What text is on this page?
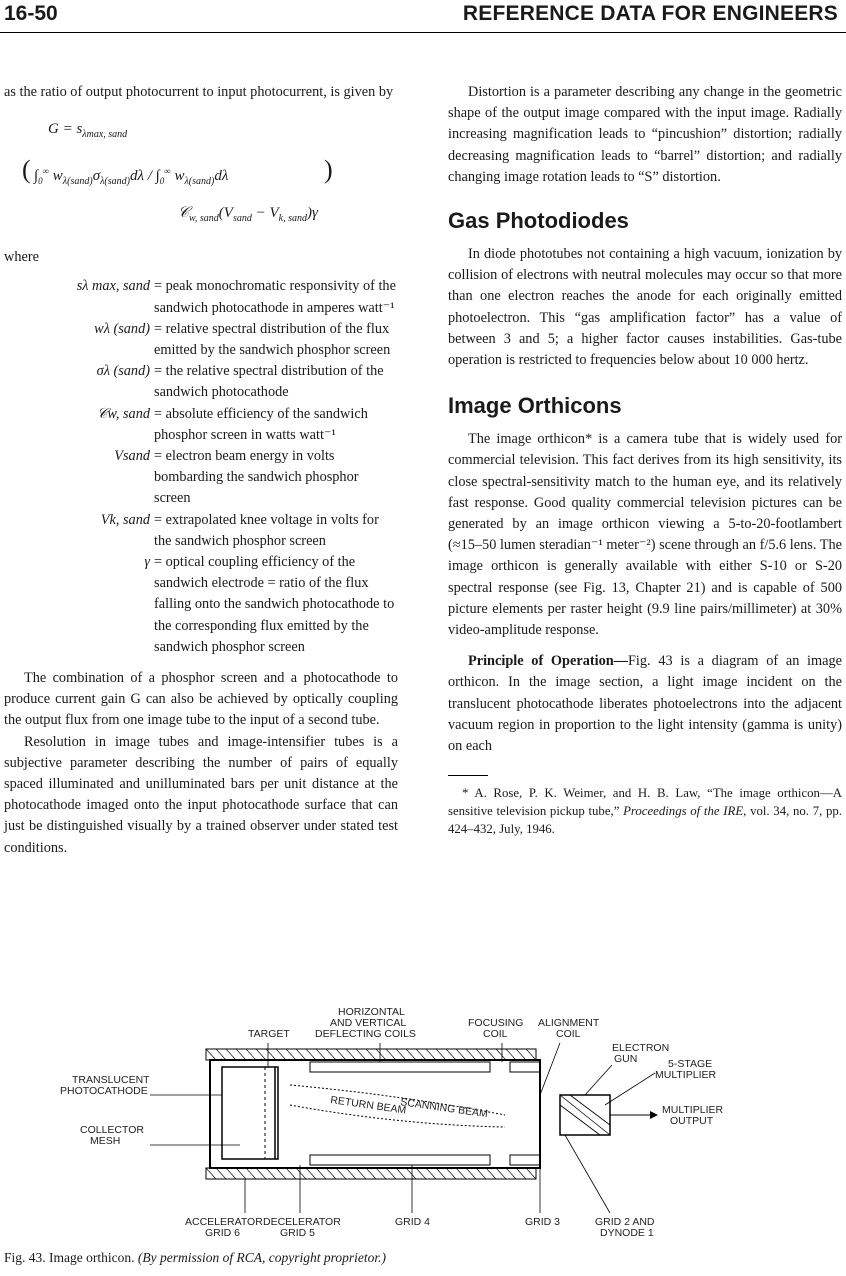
16-50	REFERENCE DATA FOR ENGINEERS

as the ratio of output photocurrent to input photocurrent, is given by

$G = s_{\lambda max, sand}$
( $\int_0^\infty$ $w_{\lambda(sand)}\sigma_{\lambda(sand)}d\lambda / \int_0^\infty$ $w_{\lambda(sand)}d\lambda$	)
$𝒞_{w, sand}(V_{sand} - V_{k, sand})\gamma$

where

sλ max, sand = peak monochromatic responsivity of the sandwich photocathode in amperes watt⁻¹
wλ (sand) = relative spectral distribution of the flux emitted by the sandwich phosphor screen
σλ (sand) = the relative spectral distribution of the sandwich photocathode
𝒞w, sand = absolute efficiency of the sandwich phosphor screen in watts watt⁻¹
Vsand = electron beam energy in volts bombarding the sandwich phosphor screen
Vk, sand = extrapolated knee voltage in volts for the sandwich phosphor screen
γ = optical coupling efficiency of the sandwich electrode = ratio of the flux falling onto the sandwich photocathode to the corresponding flux emitted by the sandwich phosphor screen

The combination of a phosphor screen and a photocathode to produce current gain G can also be achieved by optically coupling the output flux from one image tube to the input of a second tube.

Resolution in image tubes and image-intensifier tubes is a subjective parameter describing the number of pairs of equally spaced illuminated and unilluminated bars per unit distance at the photocathode imaged onto the input photocathode surface that can just be distinguished visually by a trained observer under stated test conditions.

Distortion is a parameter describing any change in the geometric shape of the output image compared with the input image. Radially increasing magnification leads to “pincushion” distortion; radially decreasing magnification leads to “barrel” distortion; and radially changing image rotation leads to “S” distortion.

Gas Photodiodes

In diode phototubes not containing a high vacuum, ionization by collision of electrons with neutral molecules may occur so that more than one electron reaches the anode for each originally emitted photoelectron. This “gas amplification factor” has a value of between 3 and 5; a higher factor causes instabilities. Gas-tube operation is restricted to frequencies below about 10 000 hertz.

Image Orthicons

The image orthicon* is a camera tube that is widely used for commercial television. This fact derives from its high sensitivity, its close spectral-sensitivity match to the human eye, and its relatively fast response. Good quality commercial television pictures can be generated by an image orthicon viewing a 5-to-20-footlambert (≈15–50 lumen steradian⁻¹ meter⁻²) scene through an f/5.6 lens. The image orthicon is generally available with either S-10 or S-20 spectral response (see Fig. 13, Chapter 21) and is capable of 500 picture elements per raster height (9.9 line pairs/millimeter) at 30% video-amplitude response.

Principle of Operation—Fig. 43 is a diagram of an image orthicon. In the image section, a light image incident on the translucent photocathode liberates photoelectrons into the adjacent vacuum region in proportion to the light intensity (gamma is unity) on each

* A. Rose, P. K. Weimer, and H. B. Law, “The image orthicon—A sensitive television pickup tube,” Proceedings of the IRE, vol. 34, no. 7, pp. 424–432, July, 1946.

HORIZONTAL
AND VERTICAL
DEFLECTING COILS
TARGET
FOCUSING
COIL
ALIGNMENT
COIL
ELECTRON
GUN	5-STAGE
MULTIPLIER
TRANSLUCENT
PHOTOCATHODE
COLLECTOR
MESH
SCANNING BEAM
RETURN BEAM	MULTIPLIER
OUTPUT
ACCELERATOR
GRID 6
DECELERATOR
GRID 5
GRID 4	GRID 3	GRID 2 AND
DYNODE 1
Fig. 43. Image orthicon. (By permission of RCA, copyright proprietor.)
